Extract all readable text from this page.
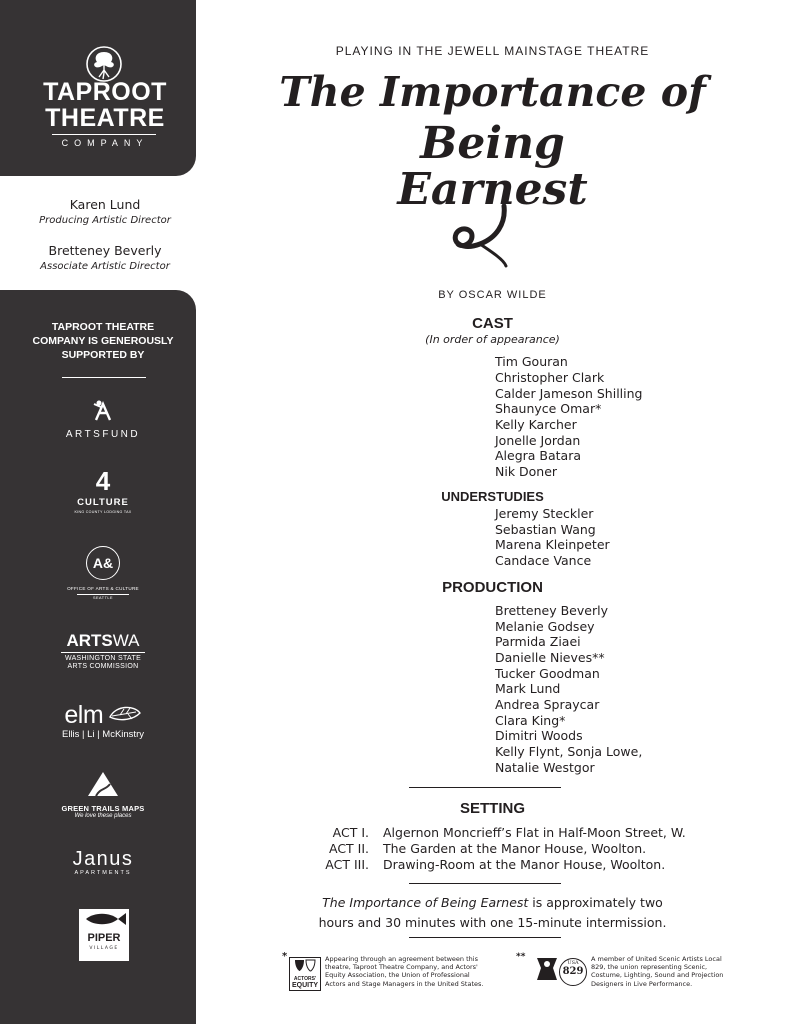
TAPROOT
THEATRE
COMPANY
Karen Lund
Producing Artistic Director
Bretteney Beverly
Associate Artistic Director
TAPROOT THEATRE
COMPANY IS GENEROUSLY
SUPPORTED BY
ARTSFUND
4
CULTURE
KING COUNTY LODGING TAX
A&
OFFICE OF ARTS & CULTURE
SEATTLE
ARTSWA
WASHINGTON STATE
ARTS COMMISSION
elm
Ellis | Li | McKinstry
GREEN TRAILS MAPS
We love these places
Janus
APARTMENTS
PIPER
VILLAGE
PLAYING IN THE JEWELL MAINSTAGE THEATRE
The Importance of
Being
Earnest
BY OSCAR WILDE
CAST
(In order of appearance)
Tim Gouran
Christopher Clark
Calder Jameson Shilling
Shaunyce Omar*
Kelly Karcher
Jonelle Jordan
Alegra Batara
Nik Doner
UNDERSTUDIES
Jeremy Steckler
Sebastian Wang
Marena Kleinpeter
Candace Vance
PRODUCTION
Bretteney Beverly
Melanie Godsey
Parmida Ziaei
Danielle Nieves**
Tucker Goodman
Mark Lund
Andrea Spraycar
Clara King*
Dimitri Woods
Kelly Flynt, Sonja Lowe,
Natalie Westgor
SETTING
ACT I. Algernon Moncrieff’s Flat in Half-Moon Street, W.
ACT II. The Garden at the Manor House, Woolton.
ACT III. Drawing-Room at the Manor House, Woolton.
The Importance of Being Earnest is approximately two
hours and 30 minutes with one 15-minute intermission.
*
ACTORS'
EQUITY
Appearing through an agreement between this
theatre, Taproot Theatre Company, and Actors'
Equity Association, the Union of Professional
Actors and Stage Managers in the United States.
**
USA
829
A member of United Scenic Artists Local
829, the union representing Scenic,
Costume, Lighting, Sound and Projection
Designers in Live Performance.
